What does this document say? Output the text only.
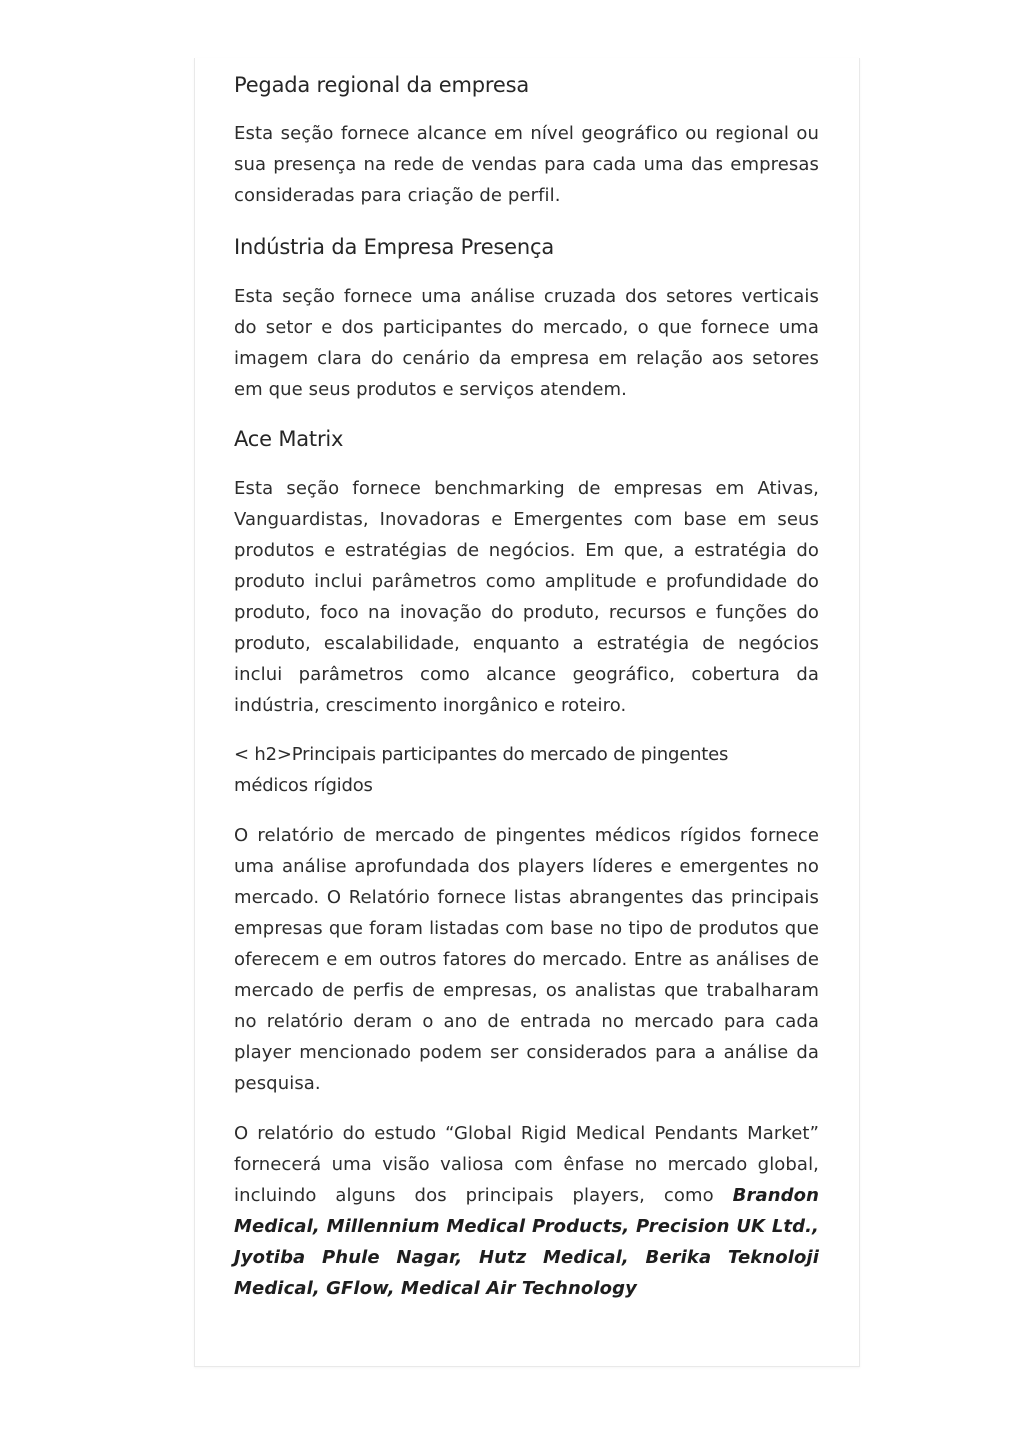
Pegada regional da empresa

Esta seção fornece alcance em nível geográfico ou regional ou sua presença na rede de vendas para cada uma das empresas consideradas para criação de perfil.

Indústria da Empresa Presença

Esta seção fornece uma análise cruzada dos setores verticais do setor e dos participantes do mercado, o que fornece uma imagem clara do cenário da empresa em relação aos setores em que seus produtos e serviços atendem.

Ace Matrix

Esta seção fornece benchmarking de empresas em Ativas, Vanguardistas, Inovadoras e Emergentes com base em seus produtos e estratégias de negócios. Em que, a estratégia do produto inclui parâmetros como amplitude e profundidade do produto, foco na inovação do produto, recursos e funções do produto, escalabilidade, enquanto a estratégia de negócios inclui parâmetros como alcance geográfico, cobertura da indústria, crescimento inorgânico e roteiro.

< h2>Principais participantes do mercado de pingentes médicos rígidos

O relatório de mercado de pingentes médicos rígidos fornece uma análise aprofundada dos players líderes e emergentes no mercado. O Relatório fornece listas abrangentes das principais empresas que foram listadas com base no tipo de produtos que oferecem e em outros fatores do mercado. Entre as análises de mercado de perfis de empresas, os analistas que trabalharam no relatório deram o ano de entrada no mercado para cada player mencionado podem ser considerados para a análise da pesquisa.

O relatório do estudo “Global Rigid Medical Pendants Market” fornecerá uma visão valiosa com ênfase no mercado global, incluindo alguns dos principais players, como Brandon Medical, Millennium Medical Products, Precision UK Ltd., Jyotiba Phule Nagar, Hutz Medical, Berika Teknoloji Medical, GFlow, Medical Air Technology
